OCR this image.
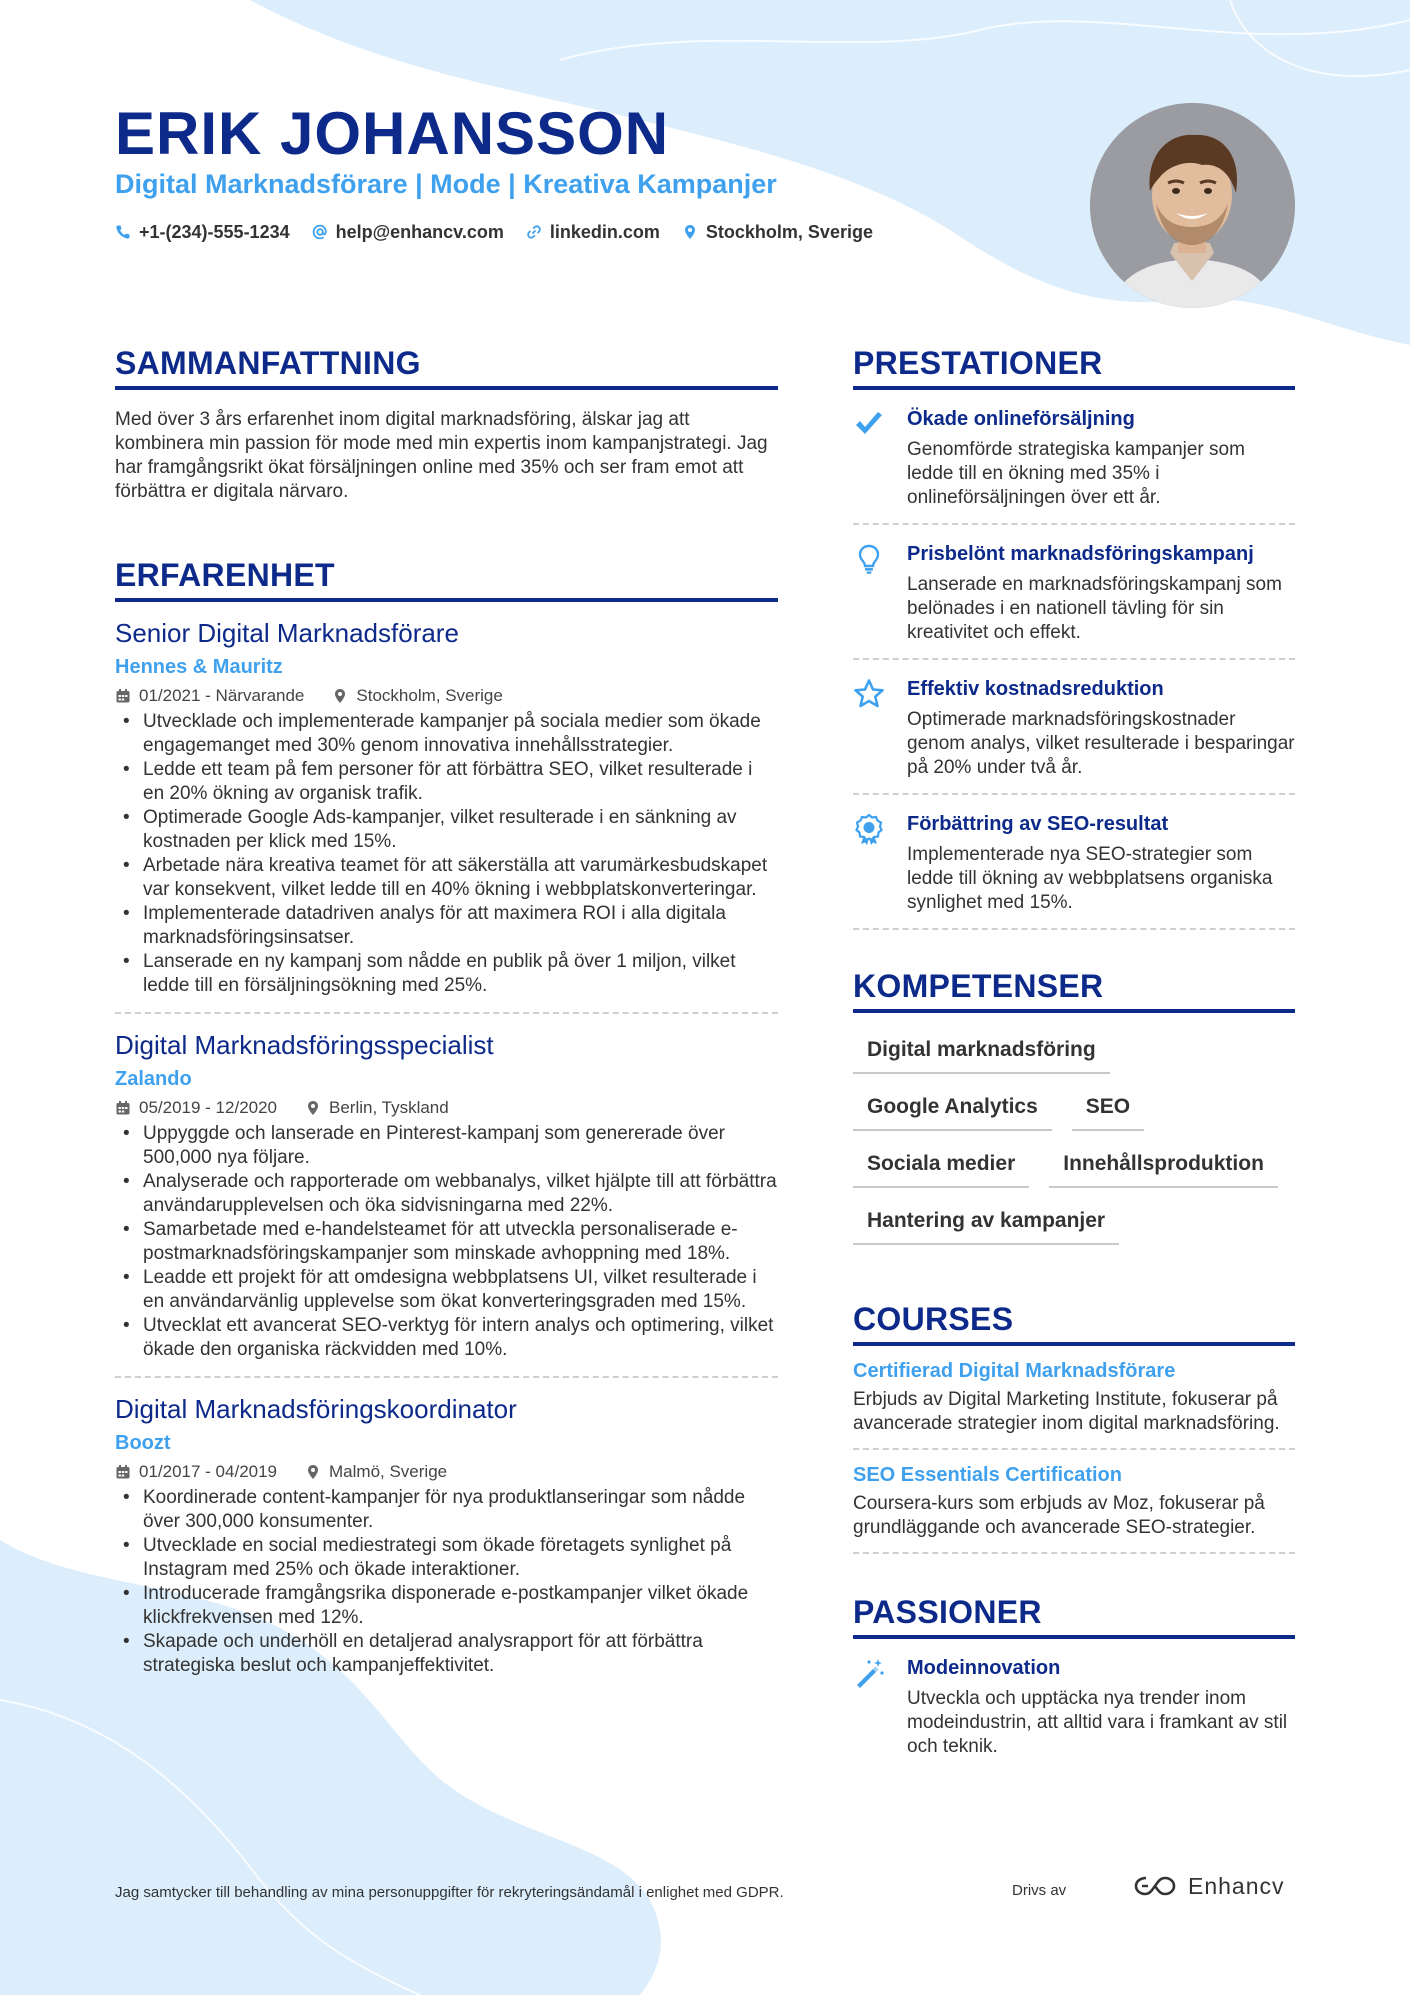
ERIK JOHANSSON
Digital Marknadsförare | Mode | Kreativa Kampanjer
+1-(234)-555-1234	help@enhancv.com	linkedin.com	Stockholm, Sverige
SAMMANFATTNING

Med över 3 års erfarenhet inom digital marknadsföring, älskar jag att kombinera min passion för mode med min expertis inom kampanjstrategi. Jag har framgångsrikt ökat försäljningen online med 35% och ser fram emot att förbättra er digitala närvaro.

ERFARENHET
Senior Digital Marknadsförare
Hennes & Mauritz
01/2021 - Närvarande	Stockholm, Sverige
• Utvecklade och implementerade kampanjer på sociala medier som ökade engagemanget med 30% genom innovativa innehållsstrategier.
• Ledde ett team på fem personer för att förbättra SEO, vilket resulterade i en 20% ökning av organisk trafik.
• Optimerade Google Ads-kampanjer, vilket resulterade i en sänkning av kostnaden per klick med 15%.
• Arbetade nära kreativa teamet för att säkerställa att varumärkesbudskapet var konsekvent, vilket ledde till en 40% ökning i webbplatskonverteringar.
• Implementerade datadriven analys för att maximera ROI i alla digitala marknadsföringsinsatser.
• Lanserade en ny kampanj som nådde en publik på över 1 miljon, vilket ledde till en försäljningsökning med 25%.
Digital Marknadsföringsspecialist
Zalando
05/2019 - 12/2020	Berlin, Tyskland
• Uppyggde och lanserade en Pinterest-kampanj som genererade över 500,000 nya följare.
• Analyserade och rapporterade om webbanalys, vilket hjälpte till att förbättra användarupplevelsen och öka sidvisningarna med 22%.
• Samarbetade med e-handelsteamet för att utveckla personaliserade e-postmarknadsföringskampanjer som minskade avhoppning med 18%.
• Leadde ett projekt för att omdesigna webbplatsens UI, vilket resulterade i en användarvänlig upplevelse som ökat konverteringsgraden med 15%.
• Utvecklat ett avancerat SEO-verktyg för intern analys och optimering, vilket ökade den organiska räckvidden med 10%.
Digital Marknadsföringskoordinator
Boozt
01/2017 - 04/2019	Malmö, Sverige
• Koordinerade content-kampanjer för nya produktlanseringar som nådde över 300,000 konsumenter.
• Utvecklade en social mediestrategi som ökade företagets synlighet på Instagram med 25% och ökade interaktioner.
• Introducerade framgångsrika disponerade e-postkampanjer vilket ökade klickfrekvensen med 12%.
• Skapade och underhöll en detaljerad analysrapport för att förbättra strategiska beslut och kampanjeffektivitet.
PRESTATIONER
Ökade onlineförsäljning
Genomförde strategiska kampanjer som ledde till en ökning med 35% i onlineförsäljningen över ett år.
Prisbelönt marknadsföringskampanj
Lanserade en marknadsföringskampanj som belönades i en nationell tävling för sin kreativitet och effekt.
Effektiv kostnadsreduktion
Optimerade marknadsföringskostnader genom analys, vilket resulterade i besparingar på 20% under två år.
Förbättring av SEO-resultat
Implementerade nya SEO-strategier som ledde till ökning av webbplatsens organiska synlighet med 15%.
KOMPETENSER
Digital marknadsföring
Google Analytics	SEO
Sociala medier	Innehållsproduktion
Hantering av kampanjer
COURSES
Certifierad Digital Marknadsförare
Erbjuds av Digital Marketing Institute, fokuserar på avancerade strategier inom digital marknadsföring.
SEO Essentials Certification
Coursera-kurs som erbjuds av Moz, fokuserar på grundläggande och avancerade SEO-strategier.
PASSIONER
Modeinnovation
Utveckla och upptäcka nya trender inom modeindustrin, att alltid vara i framkant av stil och teknik.
Jag samtycker till behandling av mina personuppgifter för rekryteringsändamål i enlighet med GDPR.	Drivs av	Enhancv
